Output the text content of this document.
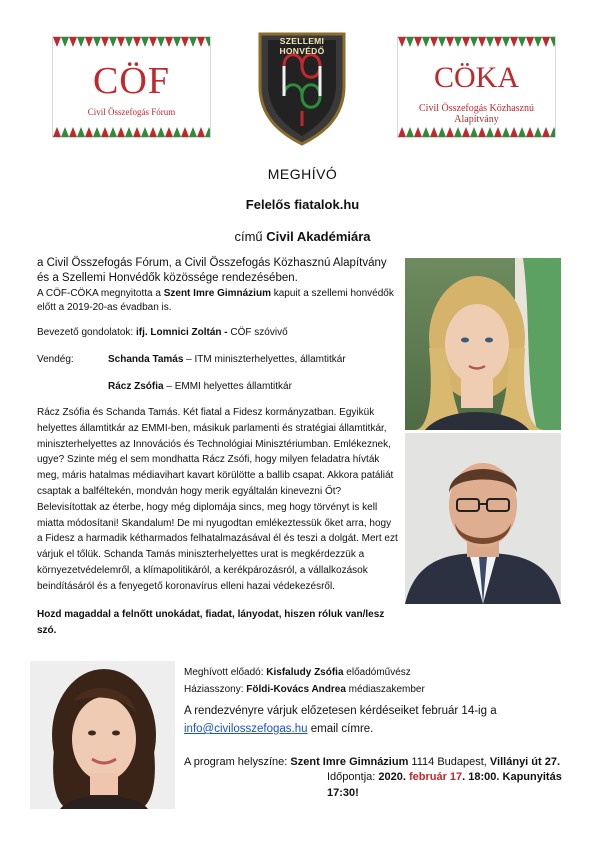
CÖF
Civil Összefogás Fórum
SZELLEMI HONVÉDŐ
CÖKA
Civil Összefogás Közhasznú Alapítvány
MEGHÍVÓ
Felelős fiatalok.hu
című Civil Akadémiára
a Civil Összefogás Fórum, a Civil Összefogás Közhasznú Alapítvány és a Szellemi Honvédők közössége rendezésében.
A CÖF-CÖKA megnyitotta a Szent Imre Gimnázium kapuit a szellemi honvédők előtt a 2019-20-as évadban is.
Bevezető gondolatok: ifj. Lomnici Zoltán - CÖF szóvivő
Vendég:	Schanda Tamás – ITM miniszterhelyettes, államtitkár
Rácz Zsófia – EMMI helyettes államtitkár
Rácz Zsófia és Schanda Tamás. Két fiatal a Fidesz kormányzatban. Egyikük helyettes államtitkár az EMMI-ben, másikuk parlamenti és stratégiai államtitkár, miniszterhelyettes az Innovációs és Technológiai Minisztériumban. Emlékeznek, ugye? Szinte még el sem mondhatta Rácz Zsófi, hogy milyen feladatra hívták meg, máris hatalmas médiavihart kavart körülötte a ballib csapat. Akkora patáliát csaptak a balféltekén, mondván hogy merik egyáltalán kinevezni Őt? Belevisítottak az éterbe, hogy még diplomája sincs, meg hogy törvényt is kell miatta módosítani! Skandalum! De mi nyugodtan emlékeztessük őket arra, hogy a Fidesz a harmadik kétharmados felhatalmazásával él és teszi a dolgát. Mert ezt várjuk el tőlük. Schanda Tamás miniszterhelyettes urat is megkérdezzük a környezetvédelemről, a klímapolitikáról, a kerékpározásról, a vállalkozások beindításáról és a fenyegető koronavírus elleni hazai védekezésről.
Hozd magaddal a felnőtt unokádat, fiadat, lányodat, hiszen róluk van/lesz szó.
Meghívott előadó: Kisfaludy Zsófia előadóművész
Háziasszony: Földi-Kovács Andrea médiaszakember
A rendezvényre várjuk előzetesen kérdéseiket február 14-ig a
info@civilosszefogas.hu email címre.
A program helyszíne: Szent Imre Gimnázium 1114 Budapest, Villányi út 27.
Időpontja: 2020. február 17. 18:00. Kapunyitás 17:30!
